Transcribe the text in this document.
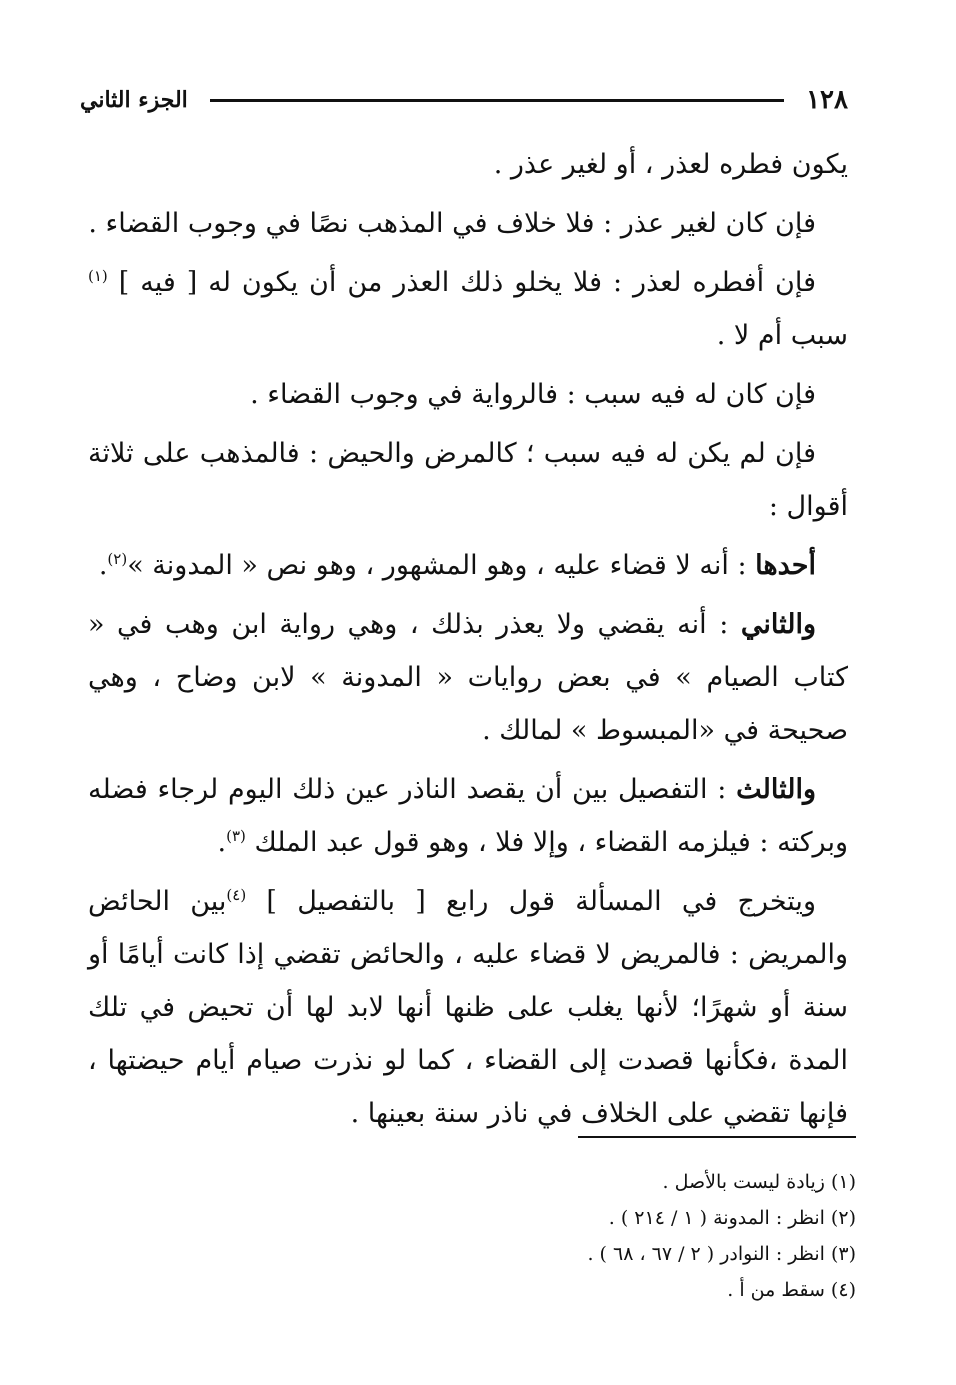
١٢٨
الجزء الثاني

يكون فطره لعذر ، أو لغير عذر .

فإن كان لغير عذر : فلا خلاف في المذهب نصًا في وجوب القضاء .

فإن أفطره لعذر : فلا يخلو ذلك العذر من أن يكون له [ فيه ] $^{(١)}$ سبب أم لا .

فإن كان له فيه سبب : فالرواية في وجوب القضاء .

فإن لم يكن له فيه سبب ؛ كالمرض والحيض : فالمذهب على ثلاثة أقوال :

أحدها : أنه لا قضاء عليه ، وهو المشهور ، وهو نص « المدونة »$^{(٢)}$.

والثاني : أنه يقضي ولا يعذر بذلك ، وهي رواية ابن وهب في « كتاب الصيام » في بعض روايات « المدونة » لابن وضاح ، وهي صحيحة في «المبسوط » لمالك .

والثالث : التفصيل بين أن يقصد الناذر عين ذلك اليوم لرجاء فضله وبركته : فيلزمه القضاء ، وإلا فلا ، وهو قول عبد الملك $^{(٣)}$.

ويتخرج في المسألة قول رابع [ بالتفصيل ] $^{(٤)}$بين الحائض والمريض : فالمريض لا قضاء عليه ، والحائض تقضي إذا كانت أيامًا أو سنة أو شهرًا؛ لأنها يغلب على ظنها أنها لابد لها أن تحيض في تلك المدة ،فكأنها قصدت إلى القضاء ، كما لو نذرت صيام أيام حيضتها ، فإنها تقضي على الخلاف في ناذر سنة بعينها .

(١) زيادة ليست بالأصل .

(٢) انظر : المدونة ( ١ / ٢١٤ ) .

(٣) انظر : النوادر ( ٢ / ٦٧ ، ٦٨ ) .

(٤) سقط من أ .
